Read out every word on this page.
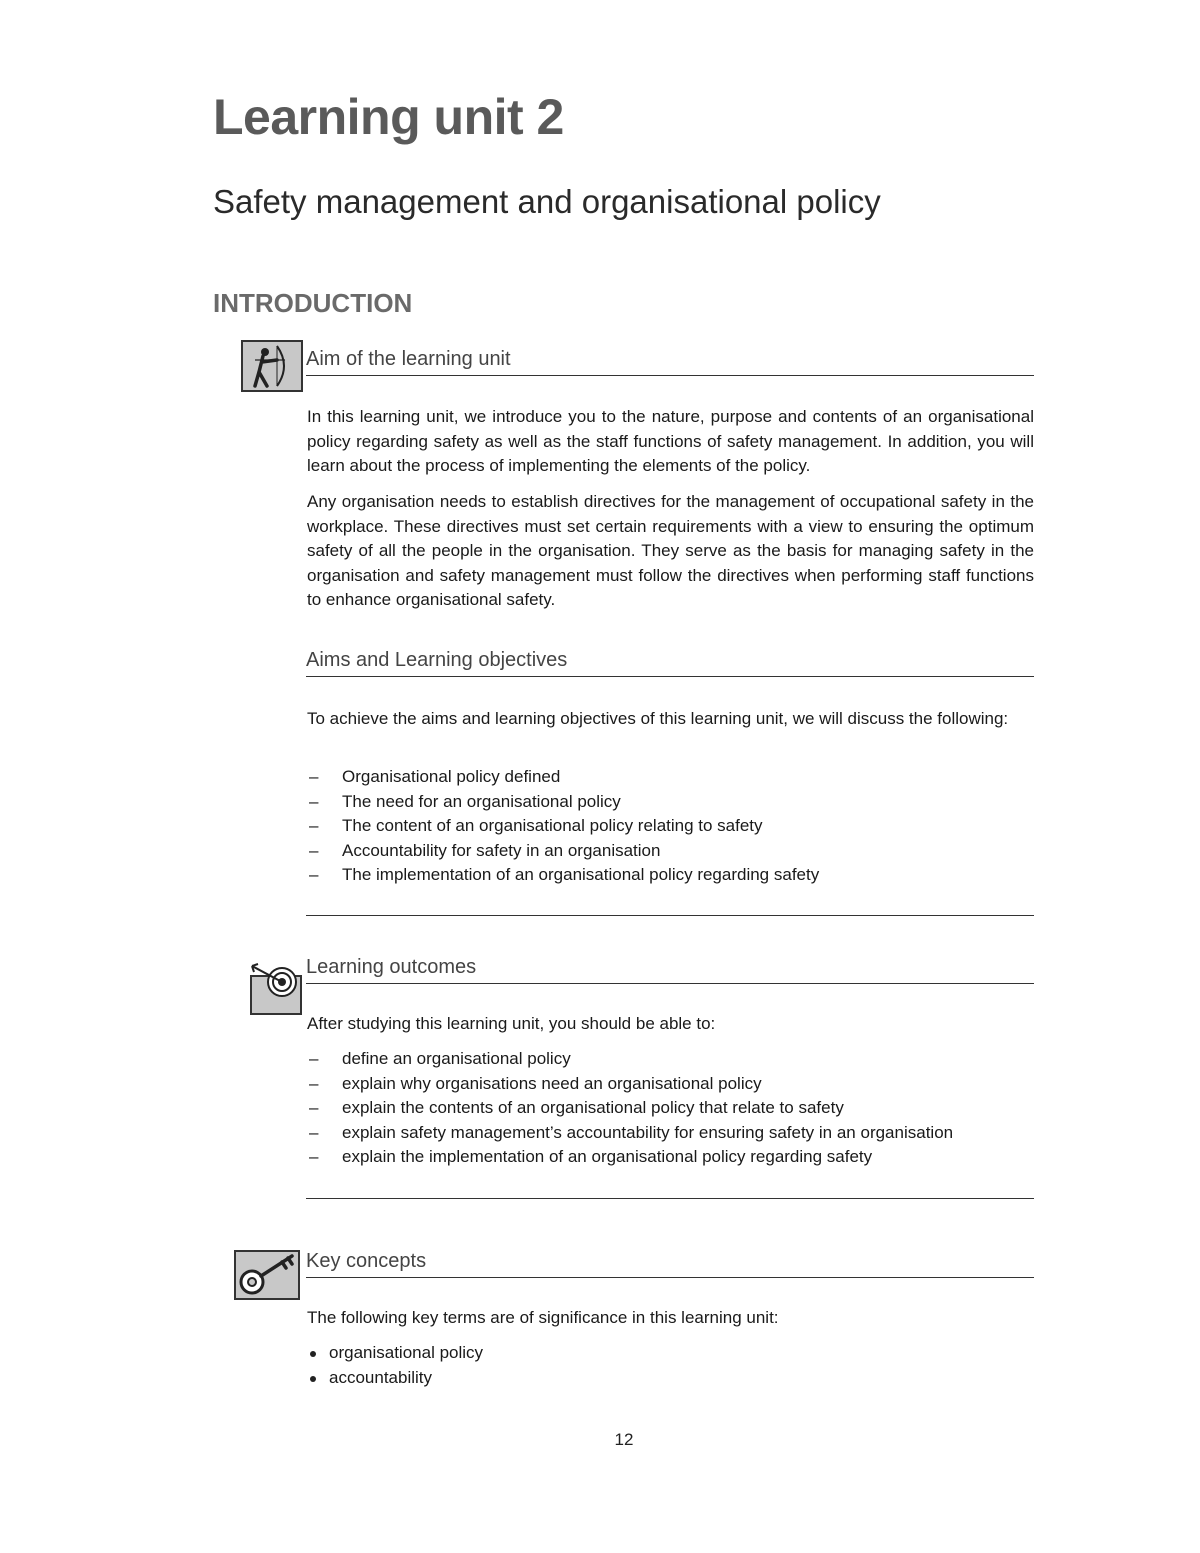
Learning unit 2
Safety management and organisational policy
INTRODUCTION
Aim of the learning unit

In this learning unit, we introduce you to the nature, purpose and contents of an organisational policy regarding safety as well as the staff functions of safety management. In addition, you will learn about the process of implementing the elements of the policy.

Any organisation needs to establish directives for the management of occupational safety in the workplace. These directives must set certain requirements with a view to ensuring the optimum safety of all the people in the organisation. They serve as the basis for managing safety in the organisation and safety management must follow the directives when performing staff functions to enhance organisational safety.

Aims and Learning objectives

To achieve the aims and learning objectives of this learning unit, we will discuss the following:

– Organisational policy defined
– The need for an organisational policy
– The content of an organisational policy relating to safety
– Accountability for safety in an organisation
– The implementation of an organisational policy regarding safety
Learning outcomes

After studying this learning unit, you should be able to:

– define an organisational policy
– explain why organisations need an organisational policy
– explain the contents of an organisational policy that relate to safety
– explain safety management’s accountability for ensuring safety in an organisation
– explain the implementation of an organisational policy regarding safety
Key concepts

The following key terms are of significance in this learning unit:

organisational policy
accountability
12
